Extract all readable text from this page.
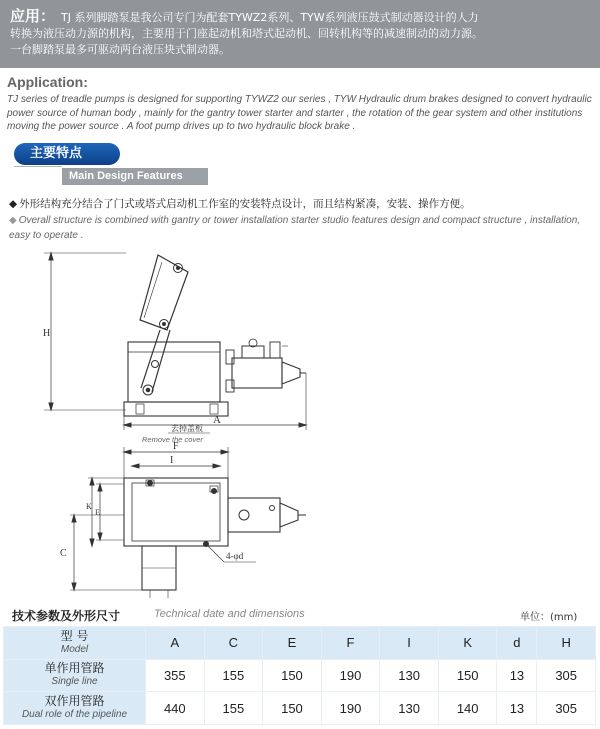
应用： TJ 系列脚踏泵是我公司专门为配套TYWZ2系列、TYW系列液压鼓式制动器设计的人力
转换为液压动力源的机构，主要用于门座起动机和塔式起动机、回转机构等的减速制动的动力源。
一台脚踏泵最多可驱动两台液压块式制动器。
Application:
TJ series of treadle pumps is designed for supporting TYWZ2 our series , TYW Hydraulic drum brakes designed to convert hydraulic
power source of human body , mainly for the gantry tower starter and starter , the rotation of the gear system and other institutions
moving the power source . A foot pump drives up to two hydraulic block brake .
主要特点
Main Design Features
◆ 外形结构充分结合了门式或塔式启动机工作室的安装特点设计，而且结构紧凑，安装、操作方便。
◆ Overall structure is combined with gantry or tower installation starter studio features design and compact structure , installation,
easy to operate .
H
A
去掉盖板
Remove the cover
F
I
E
K
C	4-φd
技术参数及外形尺寸	Technical date and dimensions	单位：(mm)
型 号
Model	A	C	E	F	I	K	d	H

单作用管路
Single line	355	155	150	190	130	150	13	305

双作用管路
Dual role of the pipeline	440	155	150	190	130	140	13	305
